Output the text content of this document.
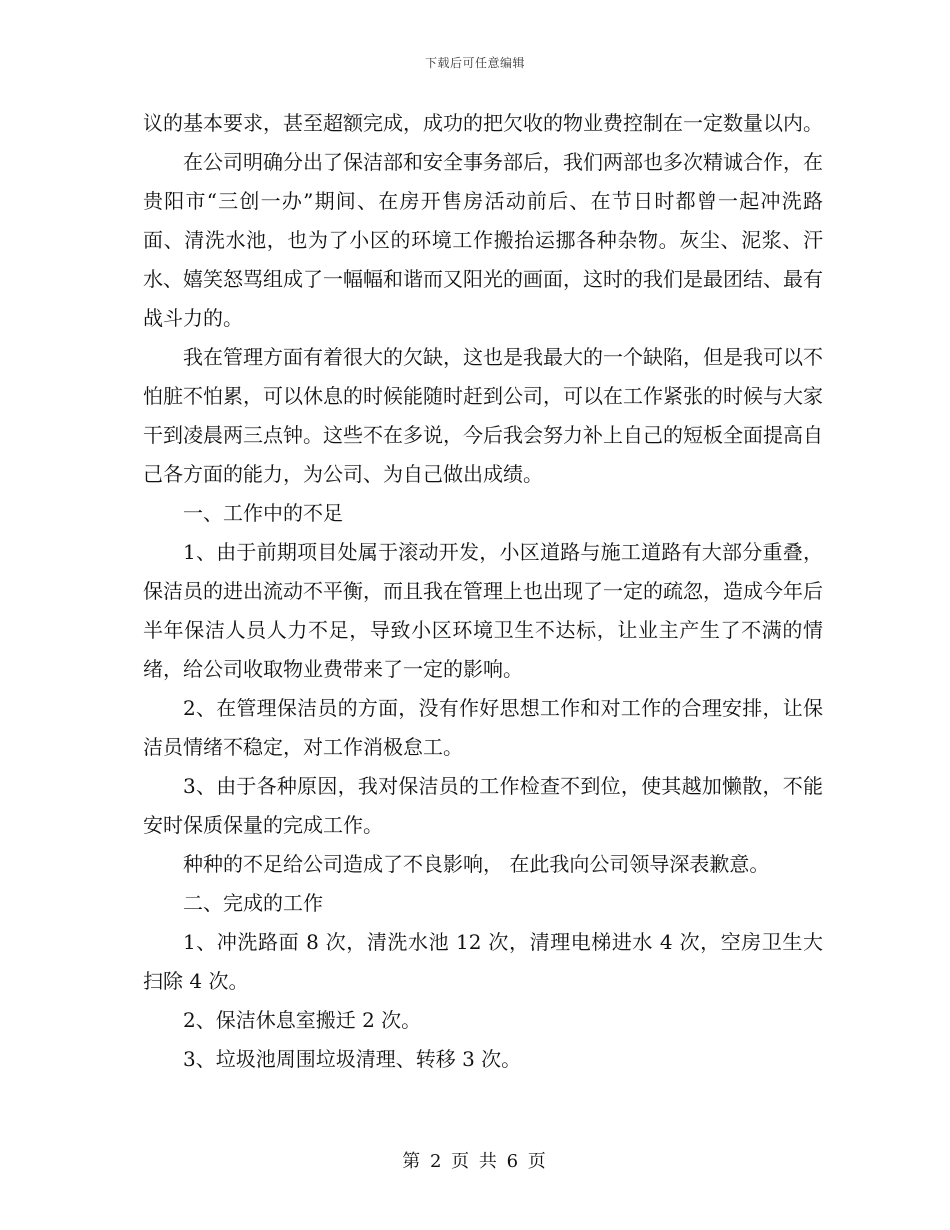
下载后可任意编辑

议的基本要求，甚至超额完成，成功的把欠收的物业费控制在一定数量以内。

在公司明确分出了保洁部和安全事务部后，我们两部也多次精诚合作，在贵阳市“三创一办”期间、在房开售房活动前后、在节日时都曾一起冲洗路面、清洗水池，也为了小区的环境工作搬抬运挪各种杂物。灰尘、泥浆、汗水、嬉笑怒骂组成了一幅幅和谐而又阳光的画面，这时的我们是最团结、最有战斗力的。

我在管理方面有着很大的欠缺，这也是我最大的一个缺陷，但是我可以不怕脏不怕累，可以休息的时候能随时赶到公司，可以在工作紧张的时候与大家干到凌晨两三点钟。这些不在多说，今后我会努力补上自己的短板全面提高自己各方面的能力，为公司、为自己做出成绩。

一、工作中的不足

1、由于前期项目处属于滚动开发，小区道路与施工道路有大部分重叠，保洁员的进出流动不平衡，而且我在管理上也出现了一定的疏忽，造成今年后半年保洁人员人力不足，导致小区环境卫生不达标，让业主产生了不满的情绪，给公司收取物业费带来了一定的影响。

2、在管理保洁员的方面，没有作好思想工作和对工作的合理安排，让保洁员情绪不稳定，对工作消极怠工。

3、由于各种原因，我对保洁员的工作检查不到位，使其越加懒散，不能安时保质保量的完成工作。

种种的不足给公司造成了不良影响， 在此我向公司领导深表歉意。

二、完成的工作

1、冲洗路面 8 次，清洗水池 12 次，清理电梯进水 4 次，空房卫生大扫除 4 次。

2、保洁休息室搬迁 2 次。

3、垃圾池周围垃圾清理、转移 3 次。

第 2 页 共 6 页
